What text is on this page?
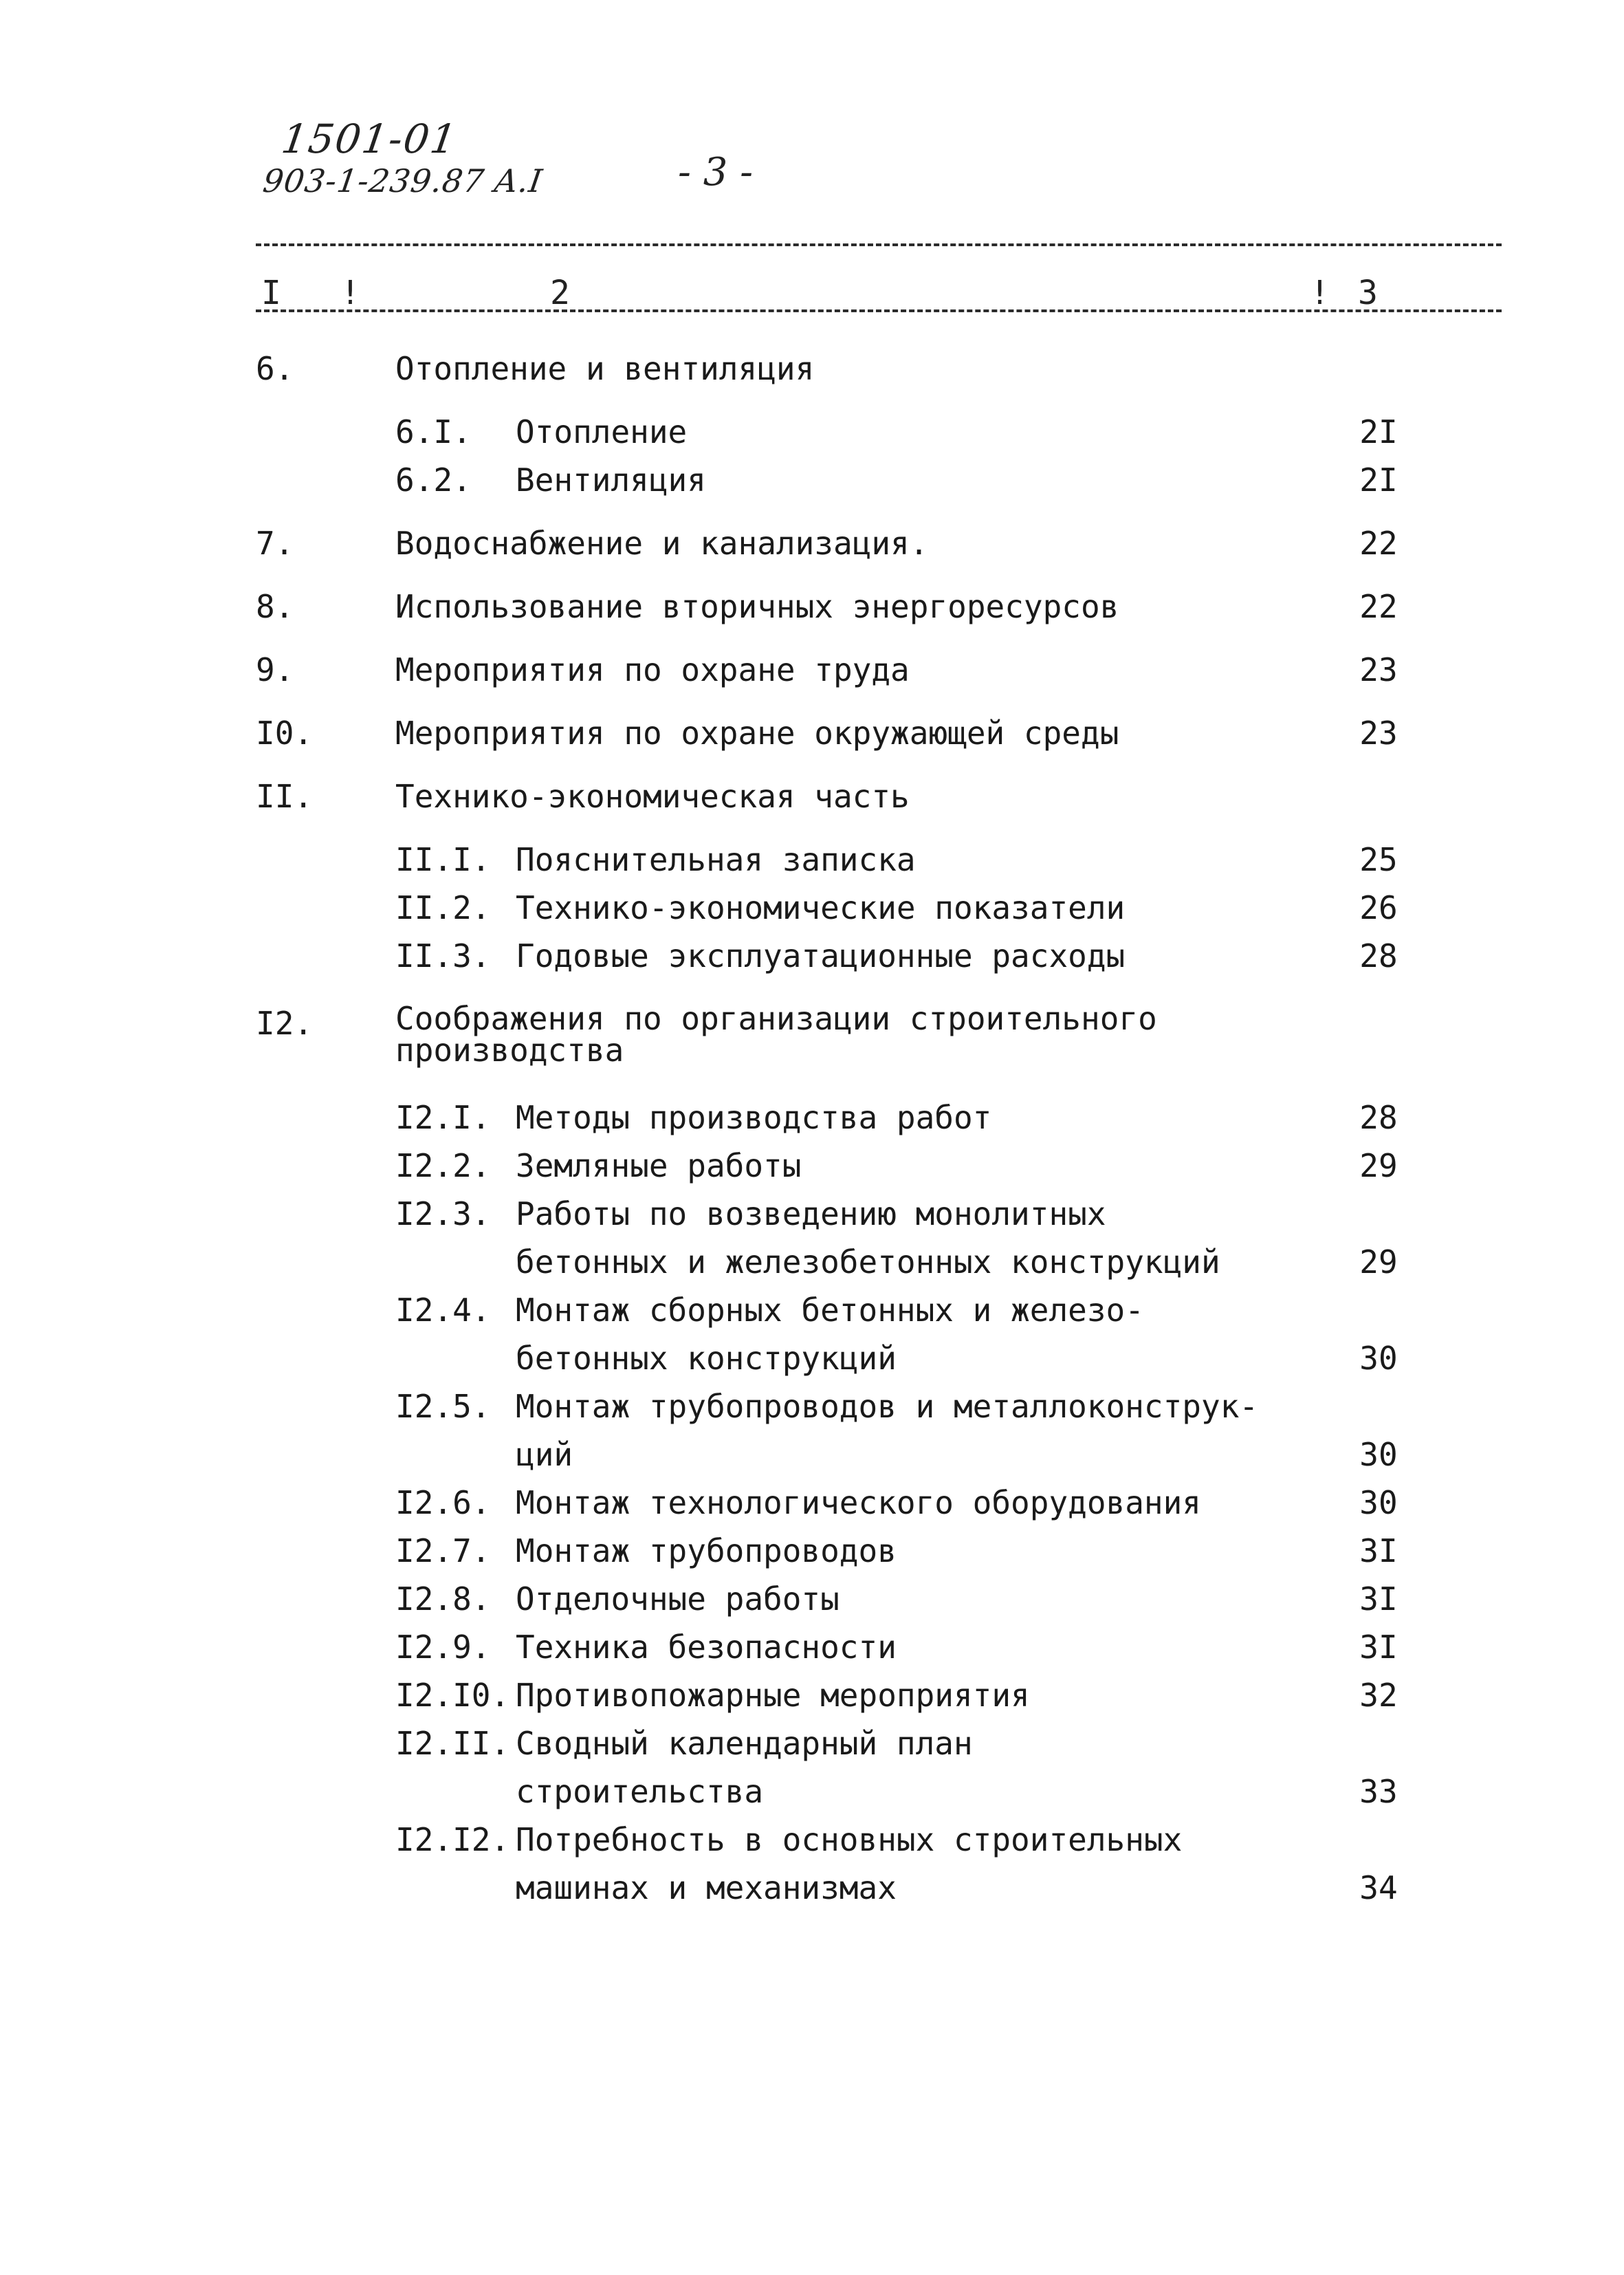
1501-01
903-1-239.87 A.I	- 3 -
I !	2	! 3
6.	Отопление и вентиляция
6.I. Отопление	2I
6.2. Вентиляция	2I
7.	Водоснабжение и канализация.	22
8.	Использование вторичных энергоресурсов	22
9.	Мероприятия по охране труда	23
I0.	Мероприятия по охране окружающей среды	23
II.	Технико-экономическая часть
II.I. Пояснительная записка	25
II.2. Технико-экономические показатели	26
II.3. Годовые эксплуатационные расходы	28
I2.	Соображения по организации строительного
производства
I2.I. Методы производства работ	28
I2.2. Земляные работы	29
I2.3. Работы по возведению монолитных
бетонных и железобетонных конструкций	29
I2.4. Монтаж сборных бетонных и железо-
бетонных конструкций	30
I2.5. Монтаж трубопроводов и металлоконструк-
ций	30
I2.6. Монтаж технологического оборудования	30
I2.7. Монтаж трубопроводов	3I
I2.8. Отделочные работы	3I
I2.9. Техника безопасности	3I
I2.I0. Противопожарные мероприятия	32
I2.II. Сводный календарный план
строительства	33
I2.I2. Потребность в основных строительных
машинах и механизмах	34
